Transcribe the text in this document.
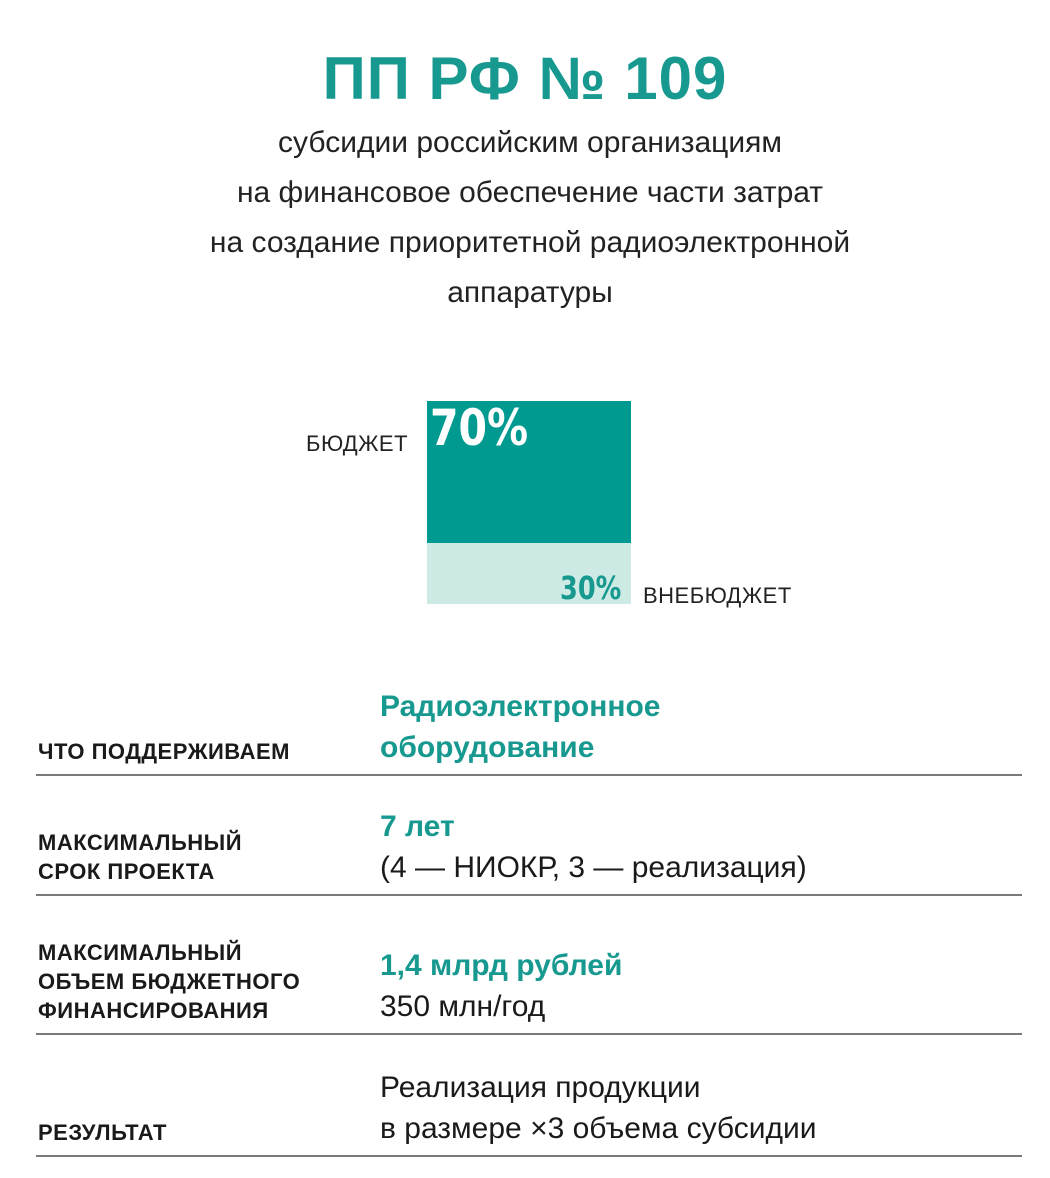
ПП РФ № 109
субсидии российским организациям
на финансовое обеспечение части затрат
на создание приоритетной радиоэлектронной
аппаратуры
70%
30%
БЮДЖЕТ
ВНЕБЮДЖЕТ
ЧТО ПОДДЕРЖИВАЕМ
Радиоэлектронное
оборудование
МАКСИМАЛЬНЫЙ
СРОК ПРОЕКТА
7 лет
(4 — НИОКР, 3 — реализация)
МАКСИМАЛЬНЫЙ
ОБЪЕМ БЮДЖЕТНОГО
ФИНАНСИРОВАНИЯ
1,4 млрд рублей
350 млн/год
РЕЗУЛЬТАТ
Реализация продукции
в размере ×3 объема субсидии
